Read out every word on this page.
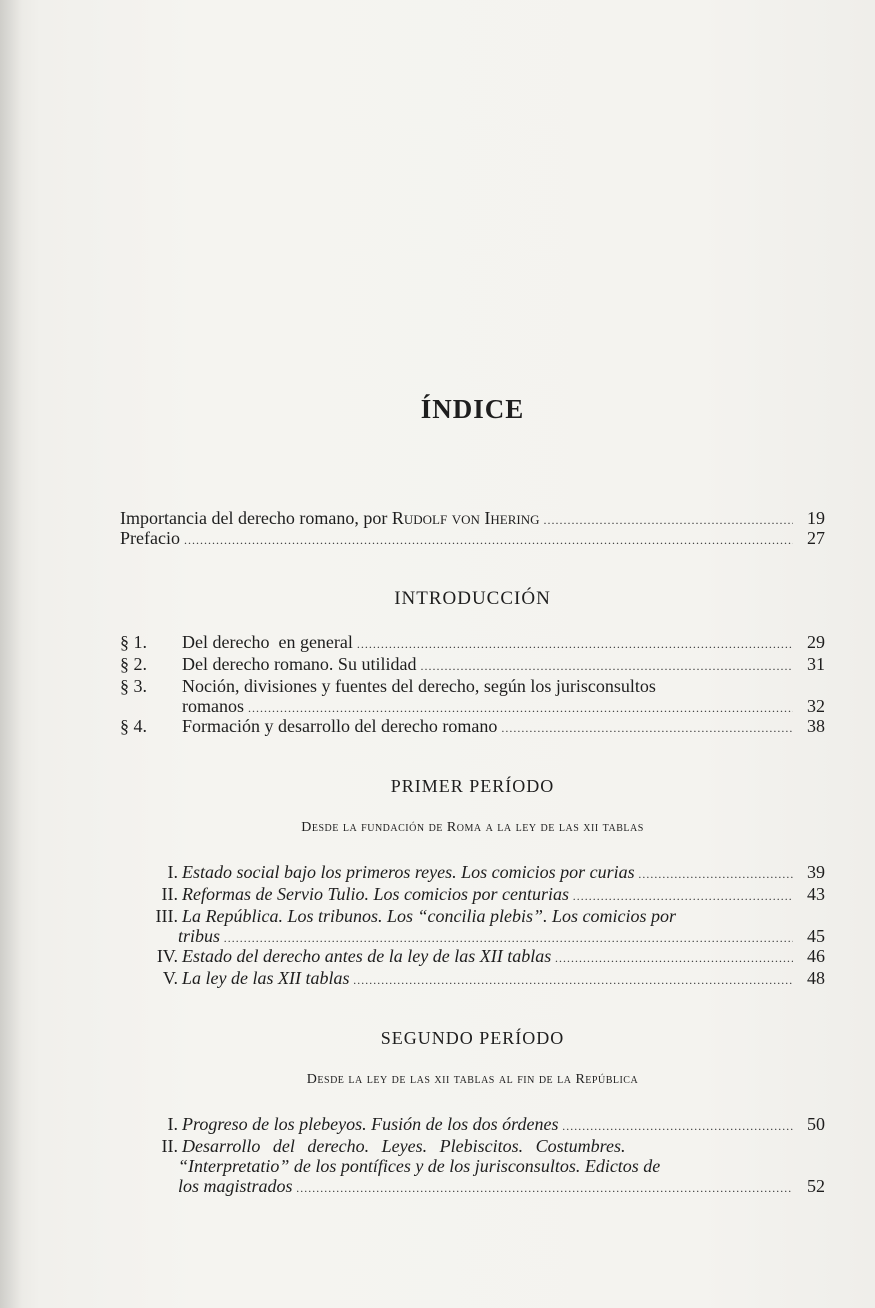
ÍNDICE
Importancia del derecho romano, por Rudolf von Ihering .....	19
Prefacio .....	27
INTRODUCCIÓN
§ 1.	Del derecho  en general .....	29
§ 2.	Del derecho romano. Su utilidad .....	31
§ 3.	Noción, divisiones y fuentes del derecho, según los jurisconsultos
romanos .....	32
§ 4.	Formación y desarrollo del derecho romano .....	38
PRIMER PERÍODO
Desde la fundación de Roma a la ley de las xii tablas
I. Estado social bajo los primeros reyes. Los comicios por curias .....	39
II. Reformas de Servio Tulio. Los comicios por centurias .....	43
III. La República. Los tribunos. Los “concilia plebis”. Los comicios por
tribus .....	45
IV. Estado del derecho antes de la ley de las XII tablas .....	46
V. La ley de las XII tablas .....	48
SEGUNDO PERÍODO
Desde la ley de las xii tablas al fin de la República
I. Progreso de los plebeyos. Fusión de los dos órdenes .....	50
II. Desarrollo del derecho. Leyes. Plebiscitos. Costumbres.
“Interpretatio” de los pontífices y de los jurisconsultos. Edictos de
los magistrados .....	52
